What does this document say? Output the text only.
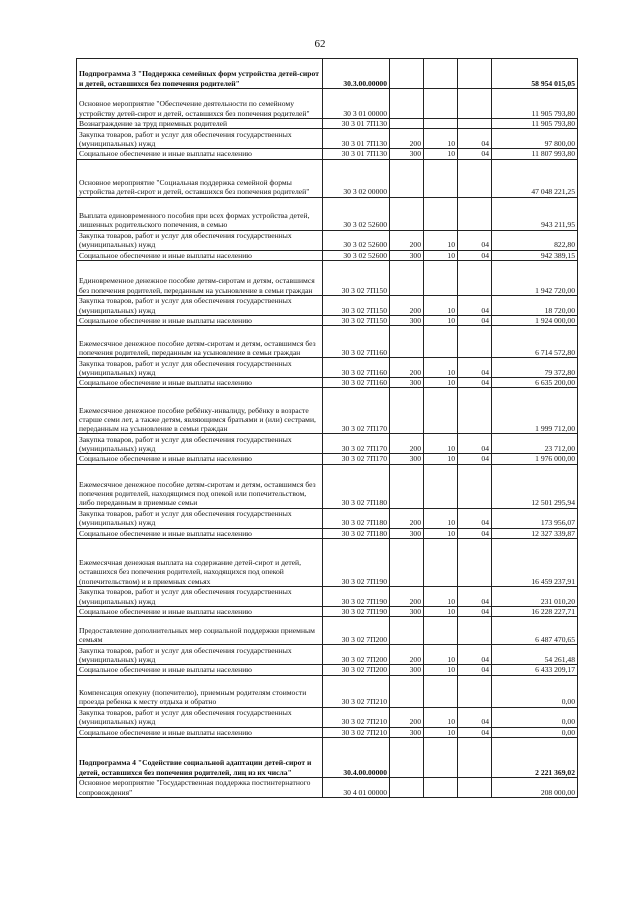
62
Подпрограмма 3 "Поддержка семейных форм устройства детей-сирот и детей, оставшихся без попечения родителей"	30.3.00.00000				58 954 015,05
Основное мероприятие "Обеспечение деятельности по семейному устройству детей-сирот и детей, оставшихся без попечения родителей"	30 3 01 00000				11 905 793,80
Вознаграждение за труд приемных родителей	30 3 01 7П130				11 905 793,80
Закупка товаров, работ и услуг для обеспечения государственных (муниципальных) нужд	30 3 01 7П130	200	10	04	97 800,00
Социальное обеспечение и иные выплаты населению	30 3 01 7П130	300	10	04	11 807 993,80
Основное мероприятие "Социальная поддержка семейной формы устройства детей-сирот и детей, оставшихся без попечения родителей"	30 3 02 00000				47 048 221,25
Выплата единовременного пособия при всех формах устройства детей, лишенных родительского попечения, в семью	30 3 02 52600				943 211,95
Закупка товаров, работ и услуг для обеспечения государственных (муниципальных) нужд	30 3 02 52600	200	10	04	822,80
Социальное обеспечение и иные выплаты населению	30 3 02 52600	300	10	04	942 389,15
Единовременное денежное пособие детям-сиротам и детям, оставшимся без попечения родителей, переданным на усыновление в семьи граждан	30 3 02 7П150				1 942 720,00
Закупка товаров, работ и услуг для обеспечения государственных (муниципальных) нужд	30 3 02 7П150	200	10	04	18 720,00
Социальное обеспечение и иные выплаты населению	30 3 02 7П150	300	10	04	1 924 000,00
Ежемесячное денежное пособие детям-сиротам и детям, оставшимся без попечения родителей, переданным на усыновление в семьи граждан	30 3 02 7П160				6 714 572,80
Закупка товаров, работ и услуг для обеспечения государственных (муниципальных) нужд	30 3 02 7П160	200	10	04	79 372,80
Социальное обеспечение и иные выплаты населению	30 3 02 7П160	300	10	04	6 635 200,00
Ежемесячное денежное пособие ребёнку-инвалиду, ребёнку в возрасте старше семи лет, а также детям, являющимся братьями и (или) сестрами, переданным на усыновление в семьи граждан	30 3 02 7П170				1 999 712,00
Закупка товаров, работ и услуг для обеспечения государственных (муниципальных) нужд	30 3 02 7П170	200	10	04	23 712,00
Социальное обеспечение и иные выплаты населению	30 3 02 7П170	300	10	04	1 976 000,00
Ежемесячное денежное пособие детям-сиротам и детям, оставшимся без попечения родителей, находящимся под опекой или попечительством, либо переданным в приемные семьи	30 3 02 7П180				12 501 295,94
Закупка товаров, работ и услуг для обеспечения государственных (муниципальных) нужд	30 3 02 7П180	200	10	04	173 956,07
Социальное обеспечение и иные выплаты населению	30 3 02 7П180	300	10	04	12 327 339,87
Ежемесячная денежная выплата на содержание детей-сирот и детей, оставшихся без попечения родителей, находящихся под опекой (попечительством) и в приемных семьях	30 3 02 7П190				16 459 237,91
Закупка товаров, работ и услуг для обеспечения государственных (муниципальных) нужд	30 3 02 7П190	200	10	04	231 010,20
Социальное обеспечение и иные выплаты населению	30 3 02 7П190	300	10	04	16 228 227,71
Предоставление дополнительных мер социальной поддержки приемным семьям	30 3 02 7П200				6 487 470,65
Закупка товаров, работ и услуг для обеспечения государственных (муниципальных) нужд	30 3 02 7П200	200	10	04	54 261,48
Социальное обеспечение и иные выплаты населению	30 3 02 7П200	300	10	04	6 433 209,17
Компенсация опекуну (попечителю), приемным родителям стоимости проезда ребенка к месту отдыха и обратно	30 3 02 7П210				0,00
Закупка товаров, работ и услуг для обеспечения государственных (муниципальных) нужд	30 3 02 7П210	200	10	04	0,00
Социальное обеспечение и иные выплаты населению	30 3 02 7П210	300	10	04	0,00
Подпрограмма 4 "Содействие социальной адаптации детей-сирот и детей, оставшихся без попечения родителей, лиц из их числа"	30.4.00.00000				2 221 369,02
Основное мероприятие "Государственная поддержка постинтернатного сопровождения"	30 4 01 00000				208 000,00
